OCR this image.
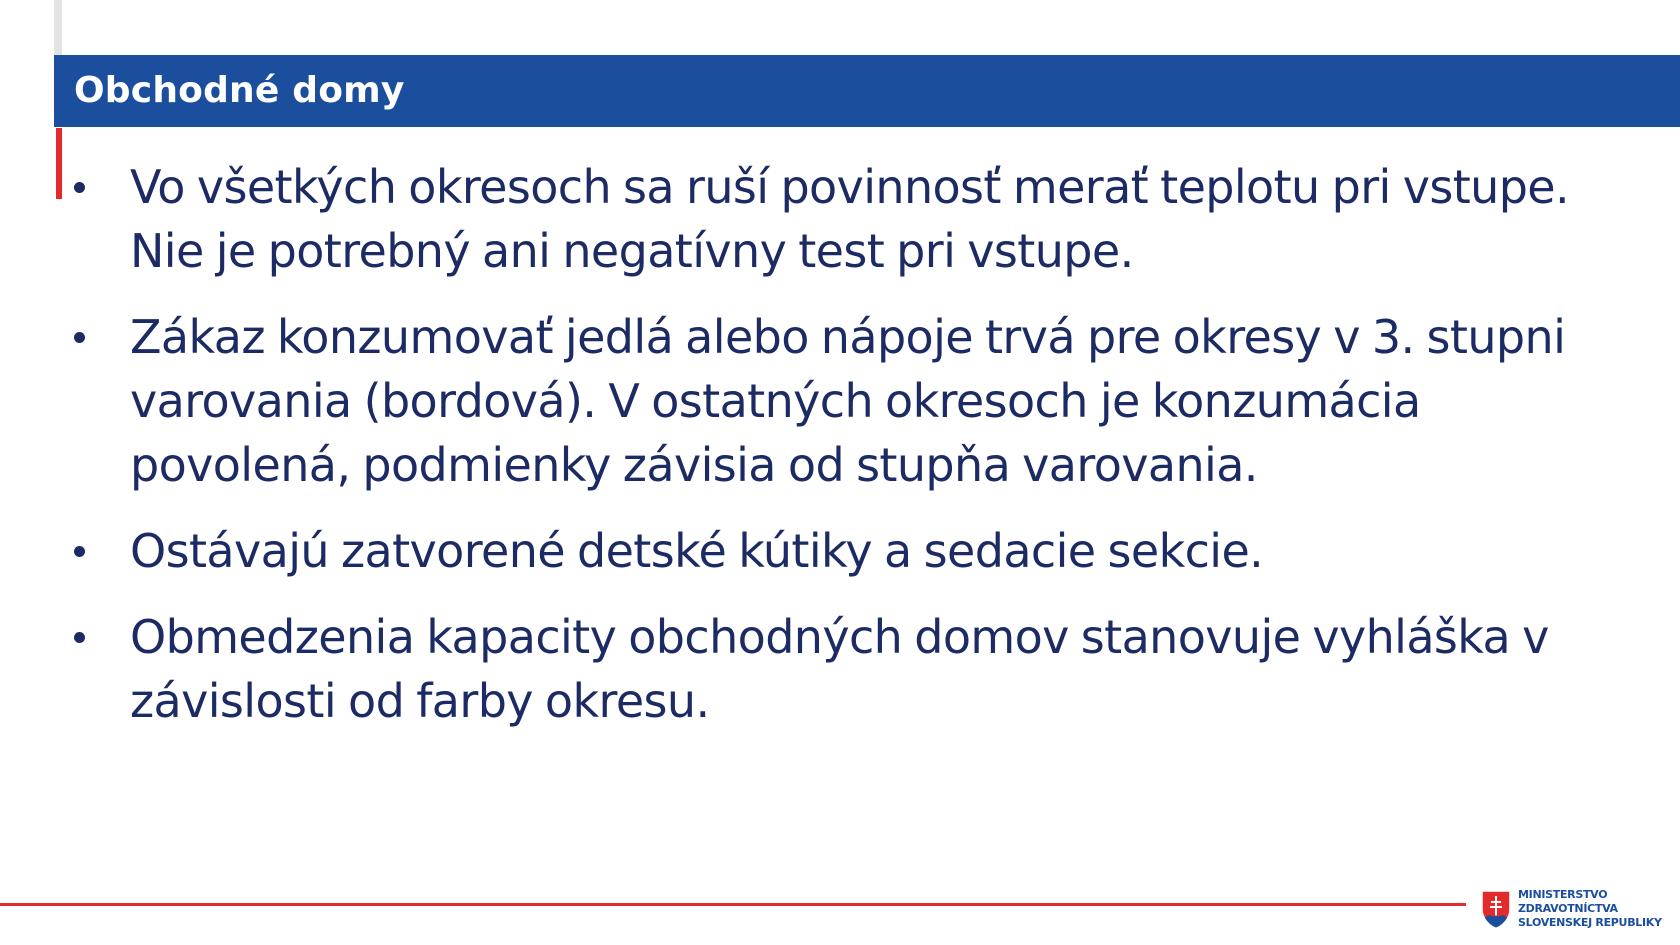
Obchodné domy
Vo všetkých okresoch sa ruší povinnosť merať teplotu pri vstupe. Nie je potrebný ani negatívny test pri vstupe.
Zákaz konzumovať jedlá alebo nápoje trvá pre okresy v 3. stupni varovania (bordová). V ostatných okresoch je konzumácia povolená, podmienky závisia od stupňa varovania.
Ostávajú zatvorené detské kútiky a sedacie sekcie.
Obmedzenia kapacity obchodných domov stanovuje vyhláška v závislosti od farby okresu.
MINISTERSTVO
ZDRAVOTNÍCTVA
SLOVENSKEJ REPUBLIKY
